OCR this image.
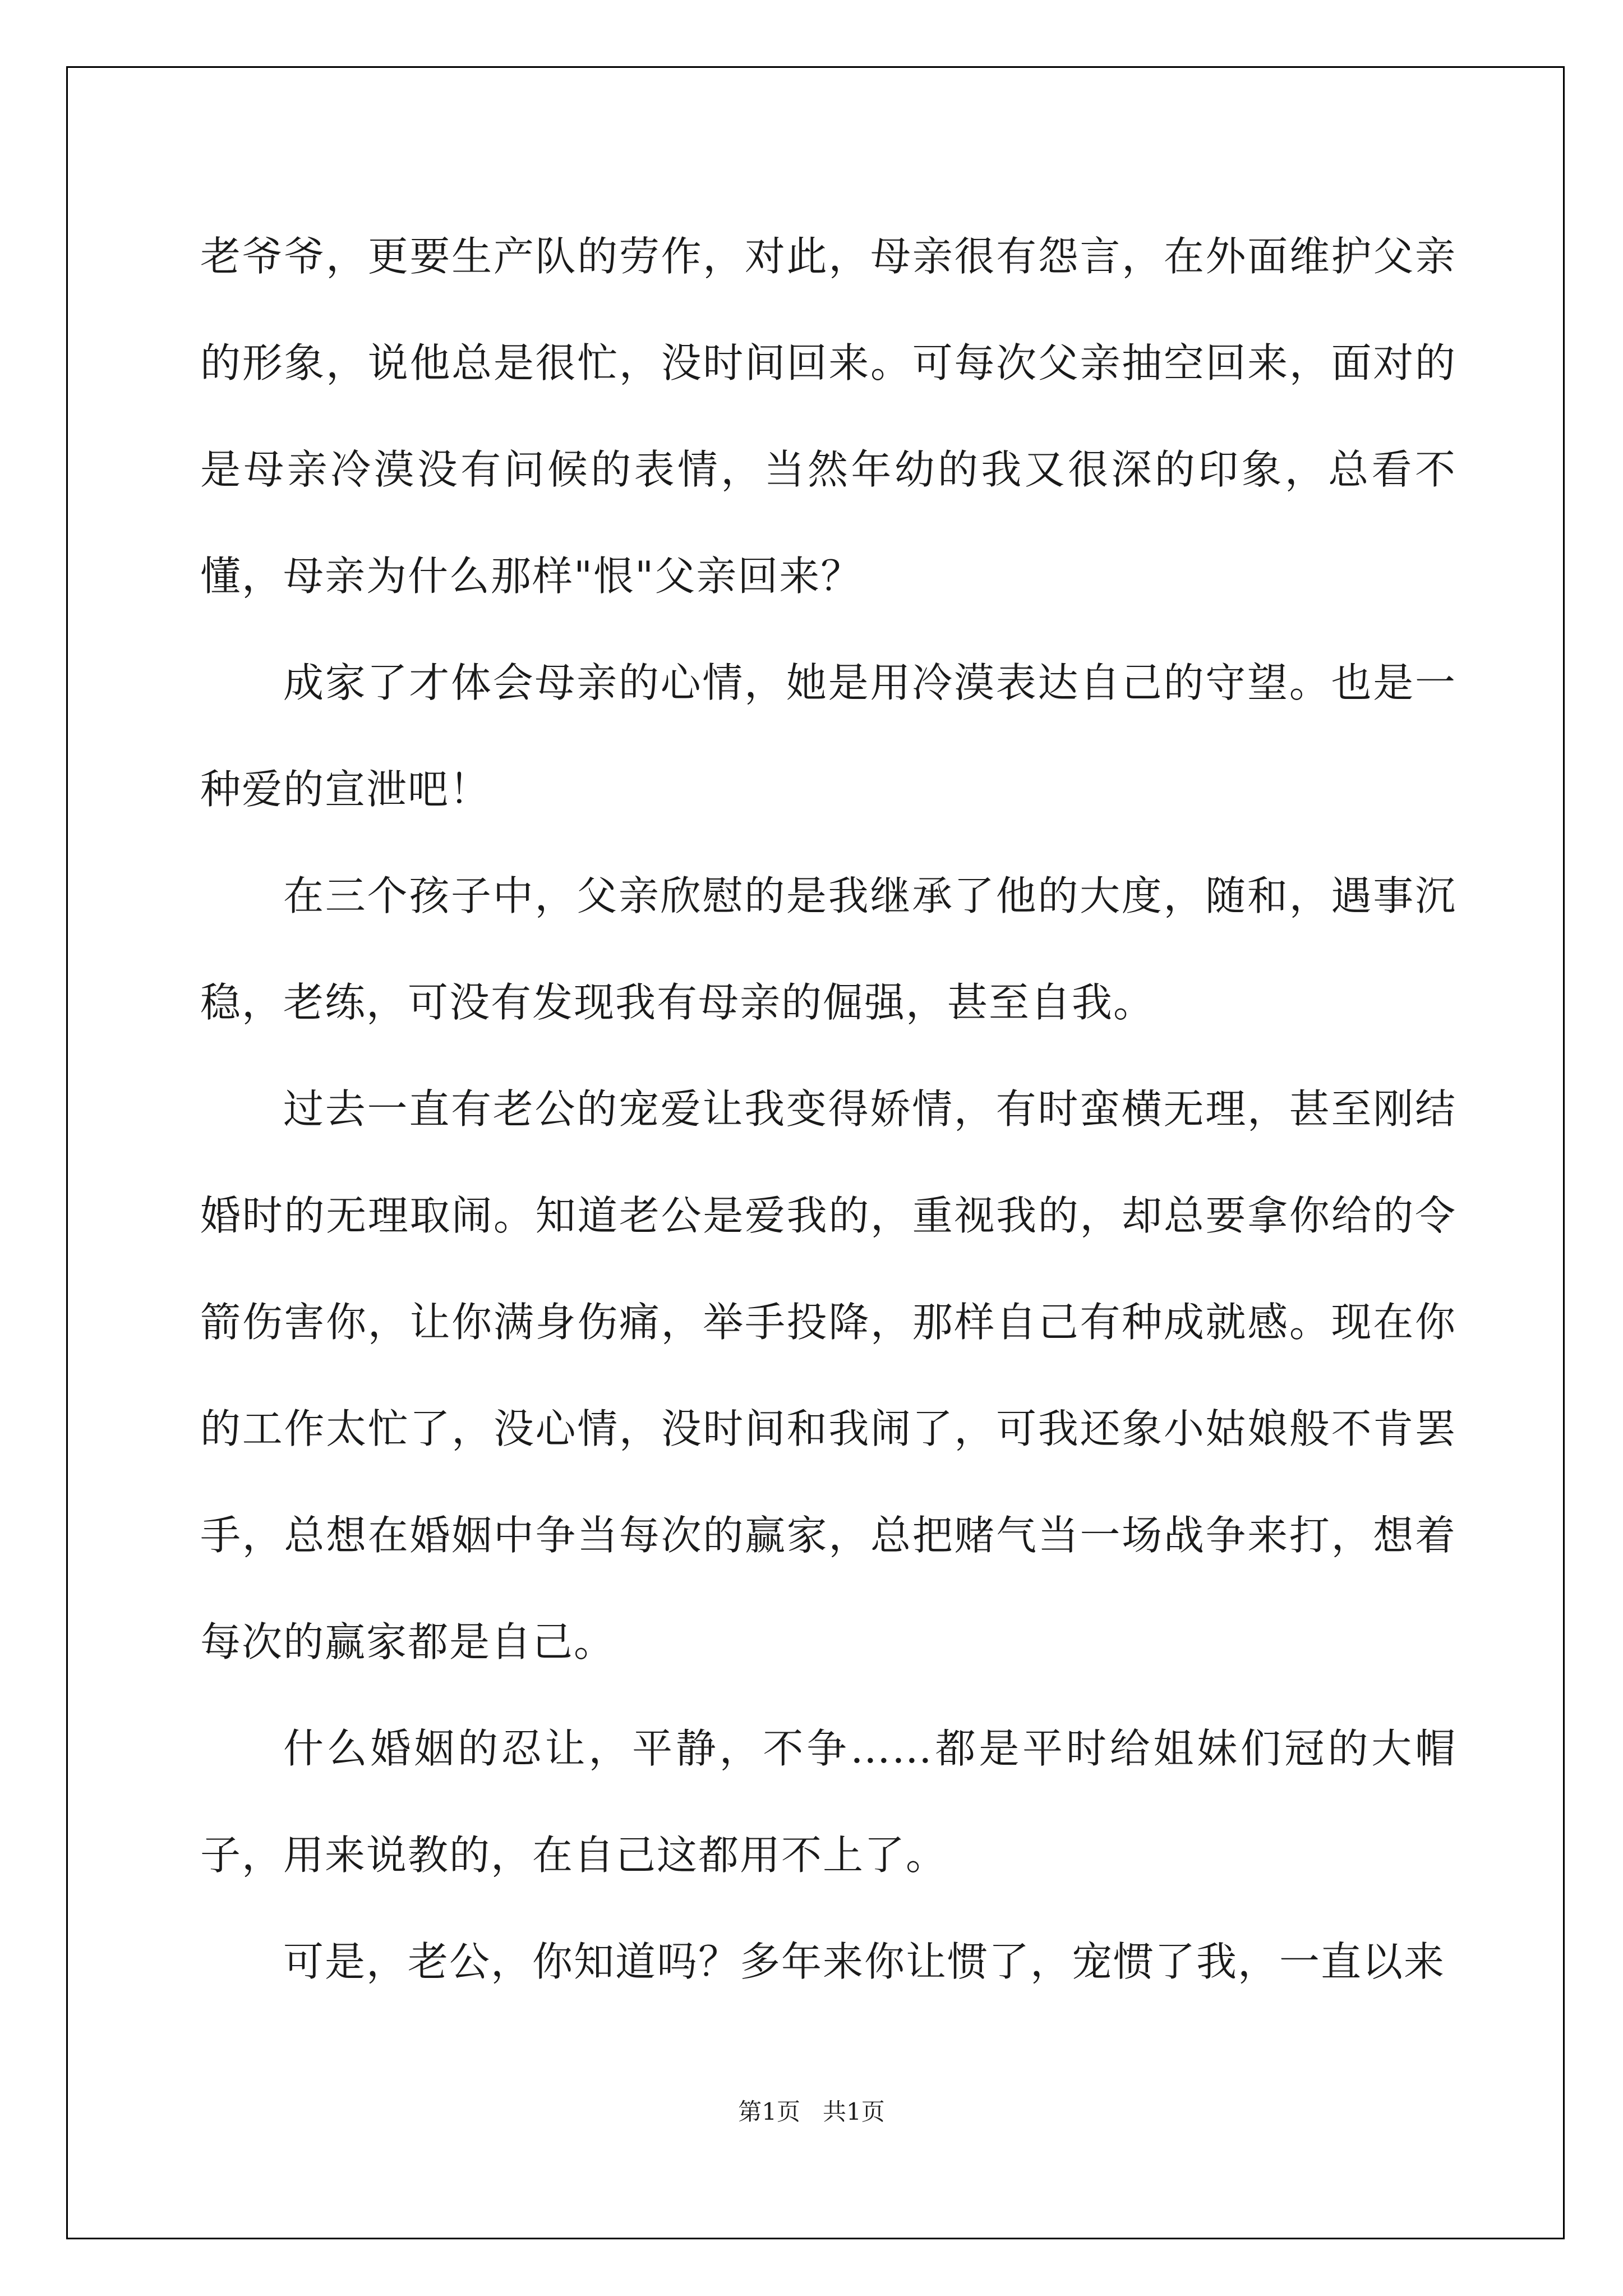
老爷爷，更要生产队的劳作，对此，母亲很有怨言，在外面维护父亲的形象，说他总是很忙，没时间回来。可每次父亲抽空回来，面对的是母亲冷漠没有问候的表情，当然年幼的我又很深的印象，总看不懂，母亲为什么那样"恨"父亲回来？

成家了才体会母亲的心情，她是用冷漠表达自己的守望。也是一种爱的宣泄吧！

在三个孩子中，父亲欣慰的是我继承了他的大度，随和，遇事沉稳，老练，可没有发现我有母亲的倔强，甚至自我。

过去一直有老公的宠爱让我变得娇情，有时蛮横无理，甚至刚结婚时的无理取闹。知道老公是爱我的，重视我的，却总要拿你给的令箭伤害你，让你满身伤痛，举手投降，那样自己有种成就感。现在你的工作太忙了，没心情，没时间和我闹了，可我还象小姑娘般不肯罢手，总想在婚姻中争当每次的赢家，总把赌气当一场战争来打，想着每次的赢家都是自己。

什么婚姻的忍让，平静，不争……都是平时给姐妹们冠的大帽子，用来说教的，在自己这都用不上了。

可是，老公，你知道吗？多年来你让惯了，宠惯了我，一直以来

第1页   共1页
